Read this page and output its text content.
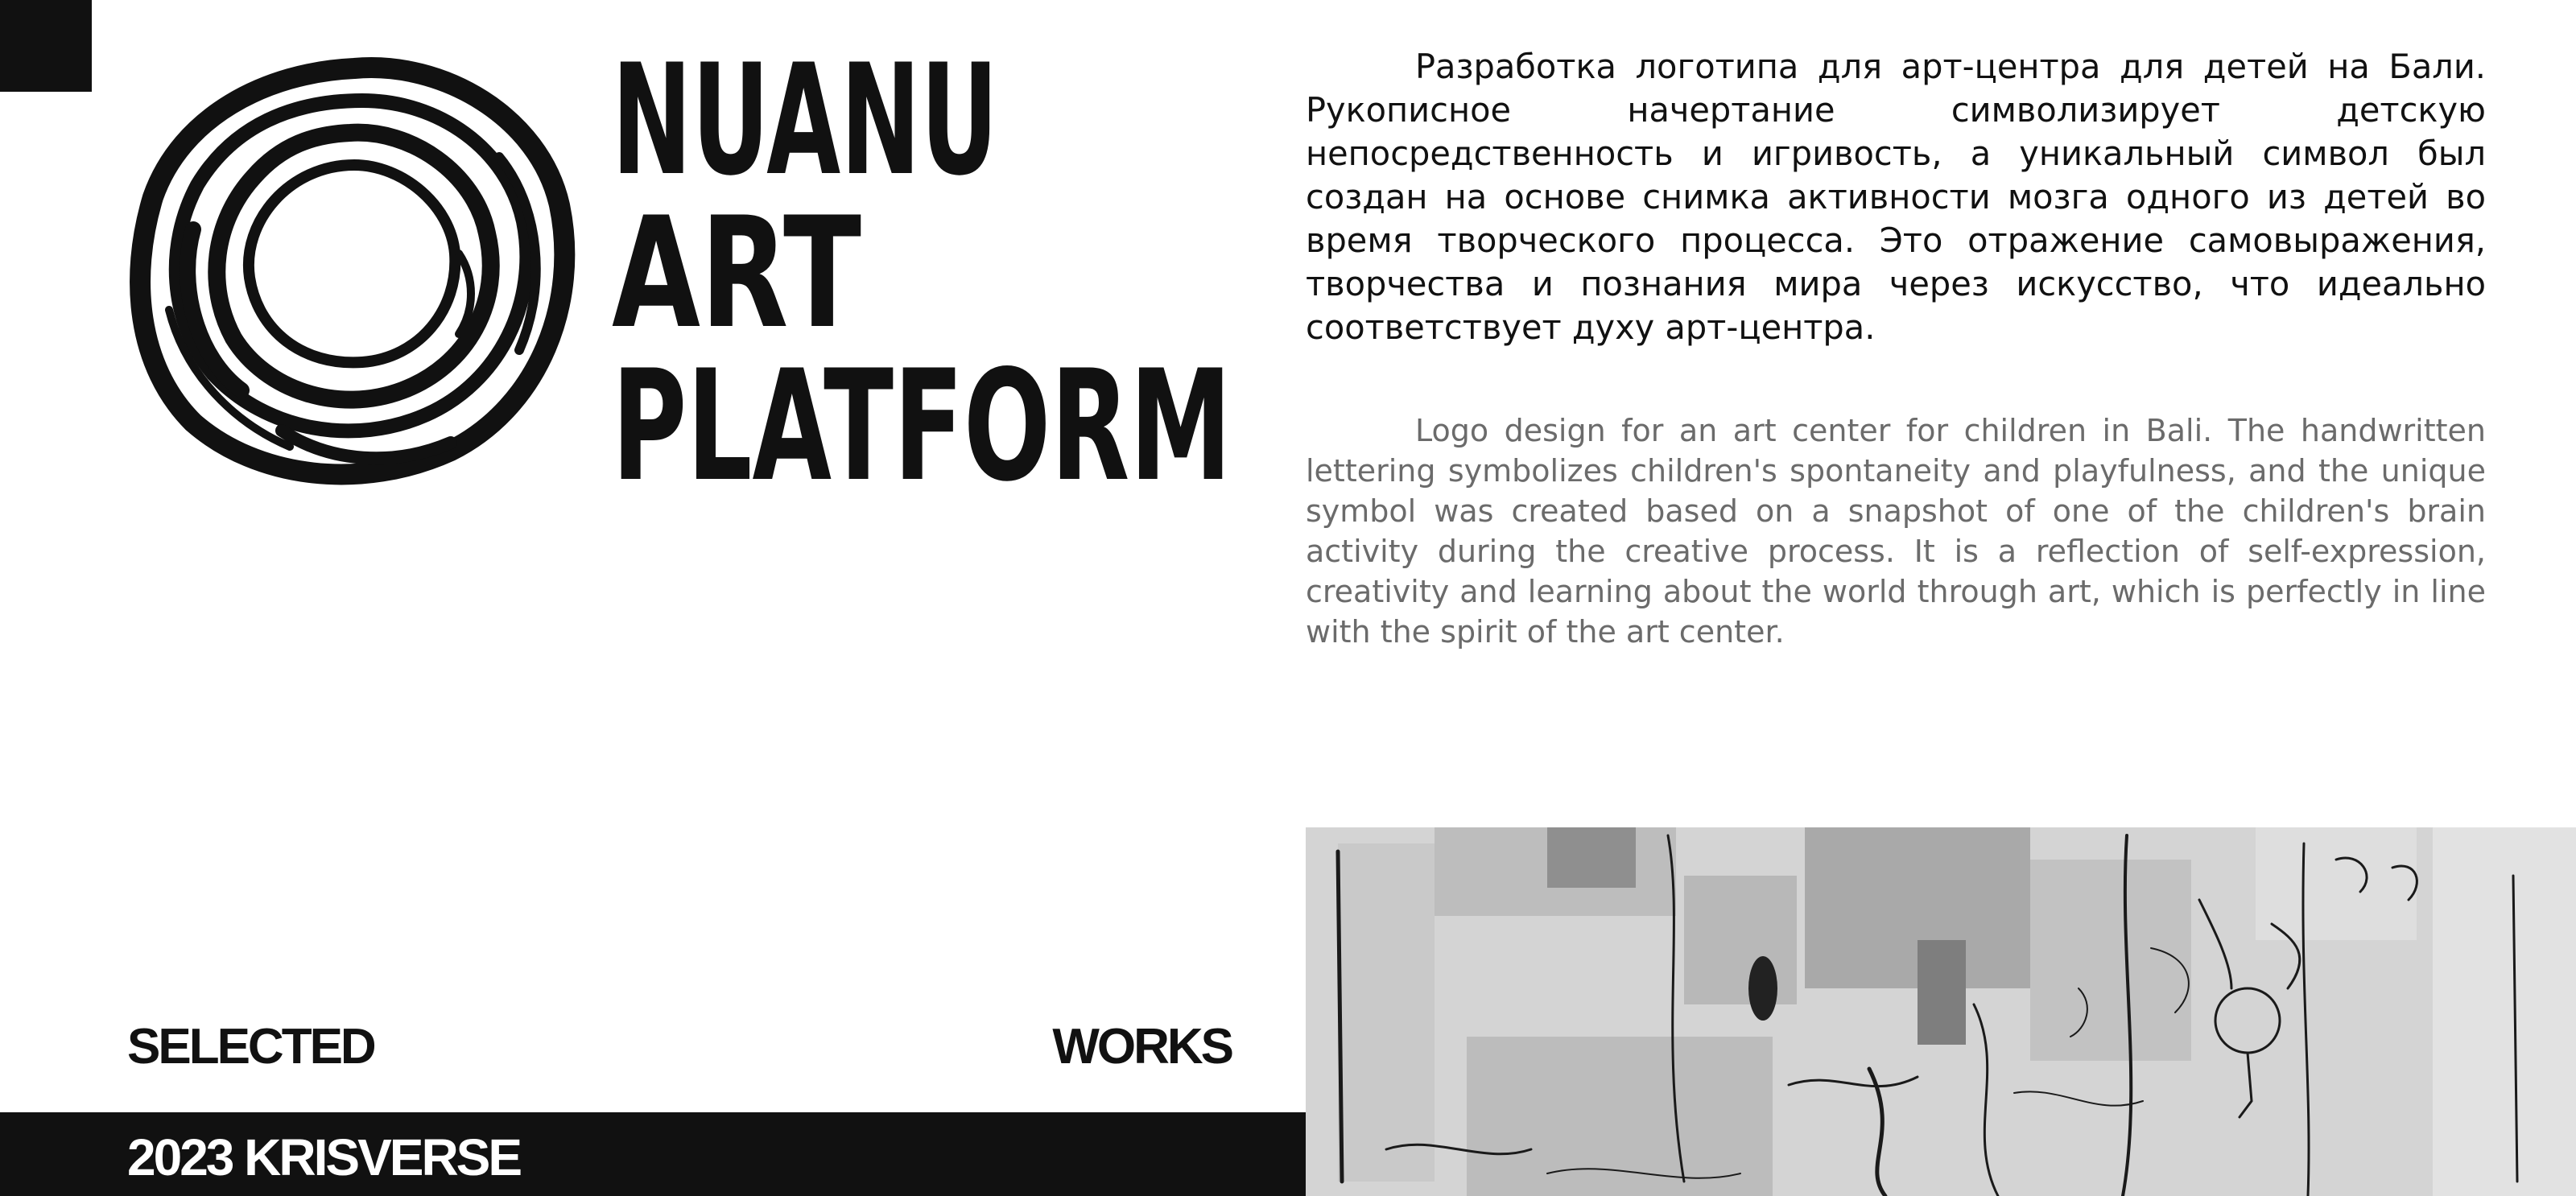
NUANU
ART
PLATFORM

Разработка логотипа для арт-центра для детей на Бали. Рукописное начертание символизирует детскую непосредственность и игривость, а уникальный символ был создан на основе снимка активности мозга одного из детей во время творческого процесса. Это отражение самовыражения, творчества и познания мира через искусство, что идеально соответствует духу арт-центра.

Logo design for an art center for children in Bali. The handwritten lettering symbolizes children's spontaneity and playfulness, and the unique symbol was created based on a snapshot of one of the children's brain activity during the creative process. It is a reflection of self-expression, creativity and learning about the world through art, which is perfectly in line with the spirit of the art center.

SELECTED	WORKS
2023 KRISVERSE
